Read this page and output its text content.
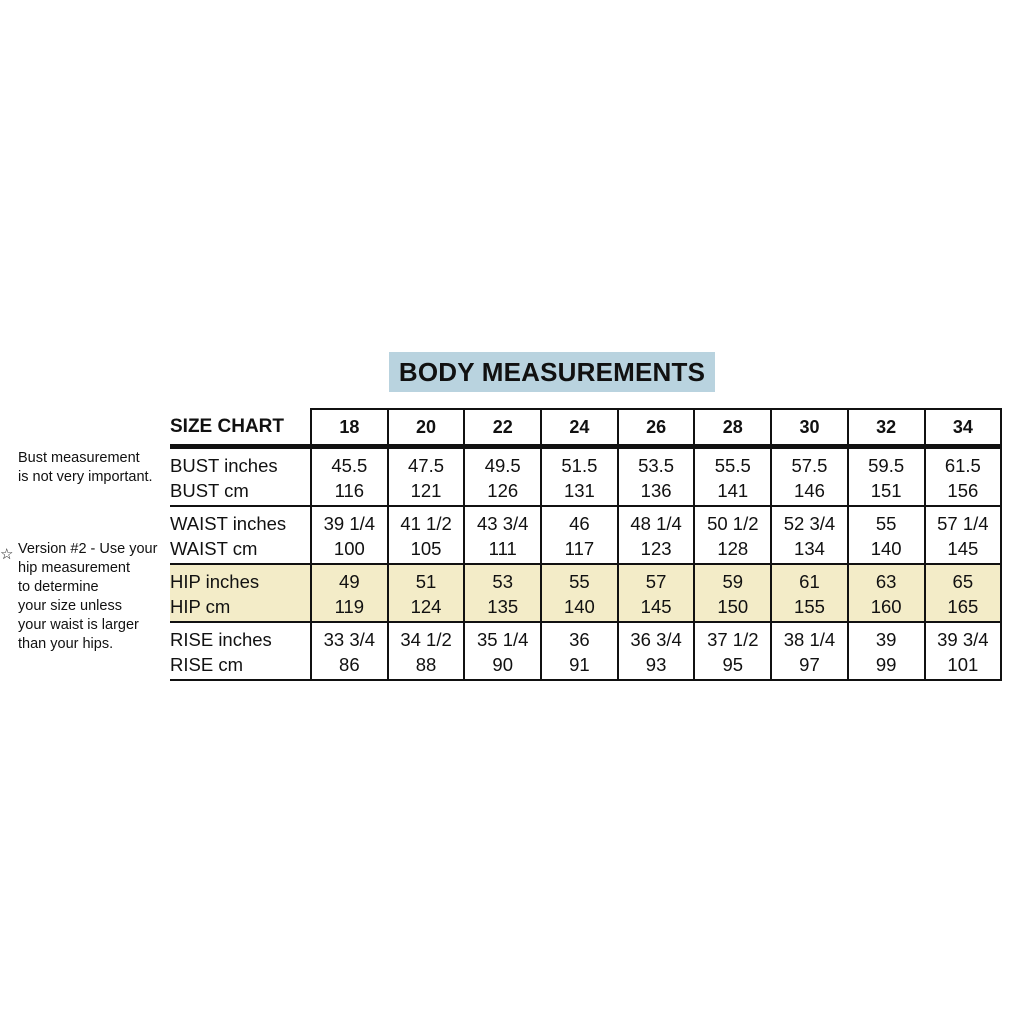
BODY MEASUREMENTS
Bust measurement
is not very important.
☆ Version #2 - Use your
hip measurement
to determine
your size unless
your waist is larger
than your hips.
SIZE CHART	18	20	22	24	26	28	30	32	34
BUST inches	45.5	47.5	49.5	51.5	53.5	55.5	57.5	59.5	61.5
BUST cm	116	121	126	131	136	141	146	151	156
WAIST inches	39 1/4	41 1/2	43 3/4	46	48 1/4	50 1/2	52 3/4	55	57 1/4
WAIST cm	100	105	111	117	123	128	134	140	145
HIP inches	49	51	53	55	57	59	61	63	65
HIP cm	119	124	135	140	145	150	155	160	165
RISE inches	33 3/4	34 1/2	35 1/4	36	36 3/4	37 1/2	38 1/4	39	39 3/4
RISE cm	86	88	90	91	93	95	97	99	101
